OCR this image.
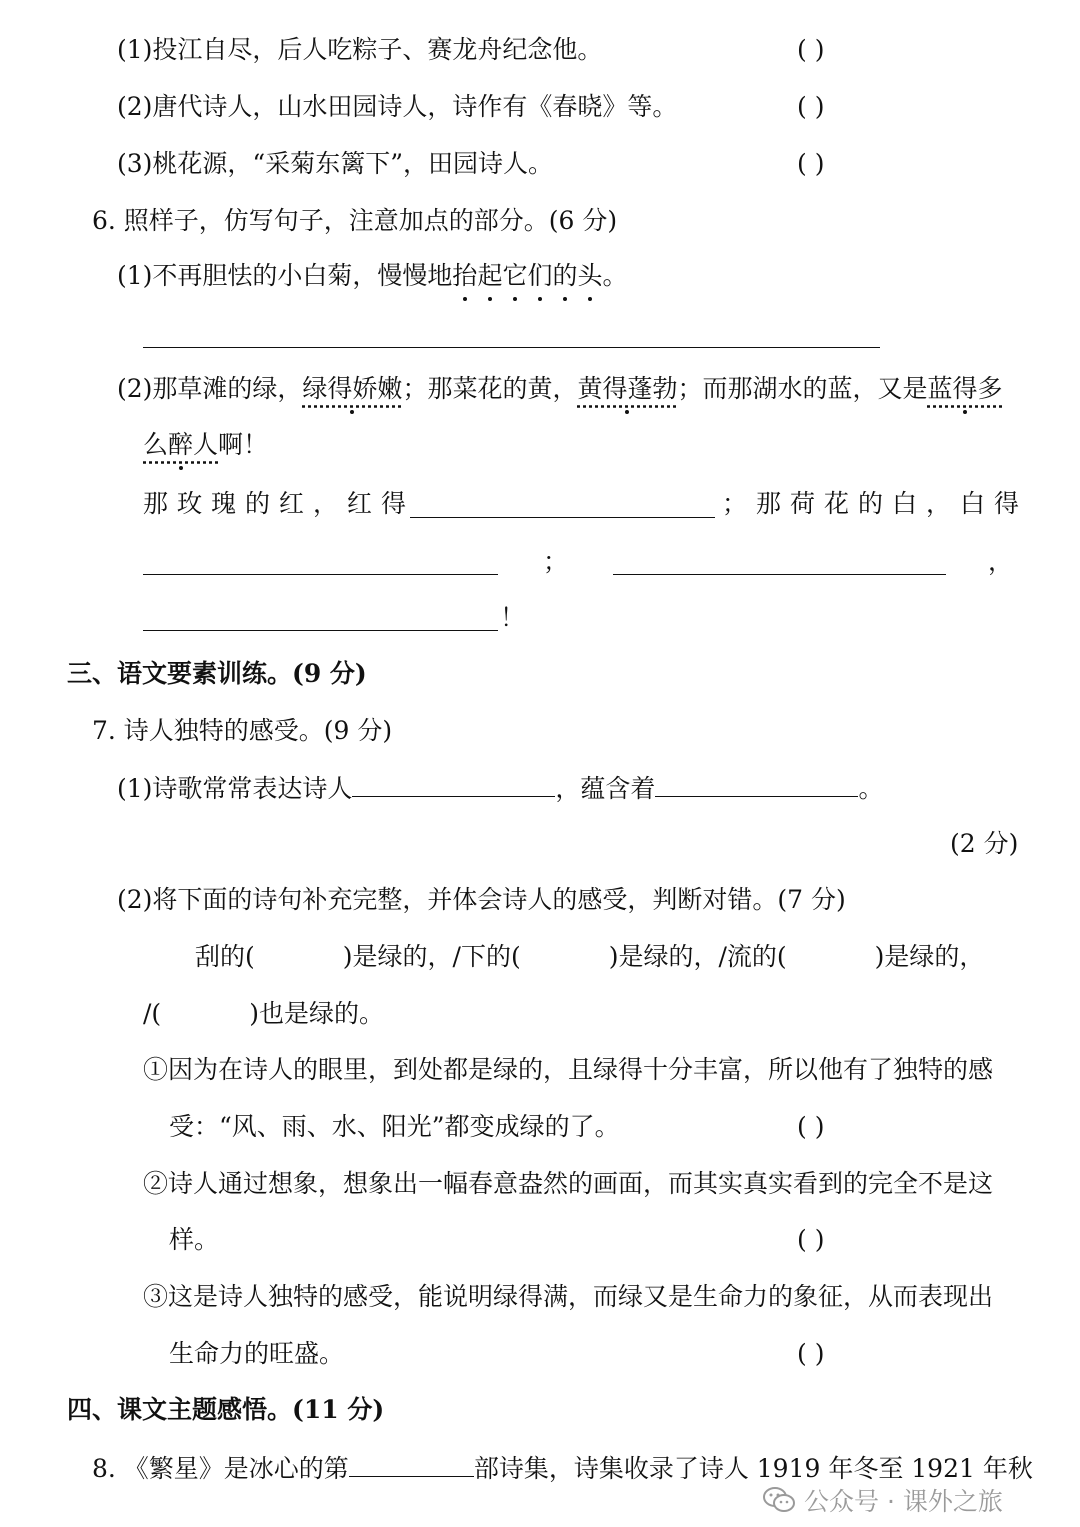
(1)投江自尽，后人吃粽子、赛龙舟纪念他。	( )
(2)唐代诗人，山水田园诗人，诗作有《春晓》等。	( )
(3)桃花源，“采菊东篱下”，田园诗人。	( )
6. 照样子，仿写句子，注意加点的部分。(6 分)
(1)不再胆怯的小白菊，慢慢地抬起它们的头。
(2)那草滩的绿，绿得娇嫩；那菜花的黄，黄得蓬勃；而那湖水的蓝，又是蓝得多
么醉人啊！
那玫瑰的红，红得	；那荷花的白，白得
；	，
！
三、语文要素训练。(9 分)
7. 诗人独特的感受。(9 分)
(1)诗歌常常表达诗人	，蕴含着	。
(2 分)
(2)将下面的诗句补充完整，并体会诗人的感受，判断对错。(7 分)
刮的(	)是绿的，/下的(	)是绿的，/流的(	)是绿的，
/(	)也是绿的。
①因为在诗人的眼里，到处都是绿的，且绿得十分丰富，所以他有了独特的感
受：“风、雨、水、阳光”都变成绿的了。	( )
②诗人通过想象，想象出一幅春意盎然的画面，而其实真实看到的完全不是这
样。	( )
③这是诗人独特的感受，能说明绿得满，而绿又是生命力的象征，从而表现出
生命力的旺盛。	( )
四、课文主题感悟。(11 分)
8. 《繁星》是冰心的第	部诗集，诗集收录了诗人 1919 年冬至 1921 年秋
公众号 · 课外之旅
